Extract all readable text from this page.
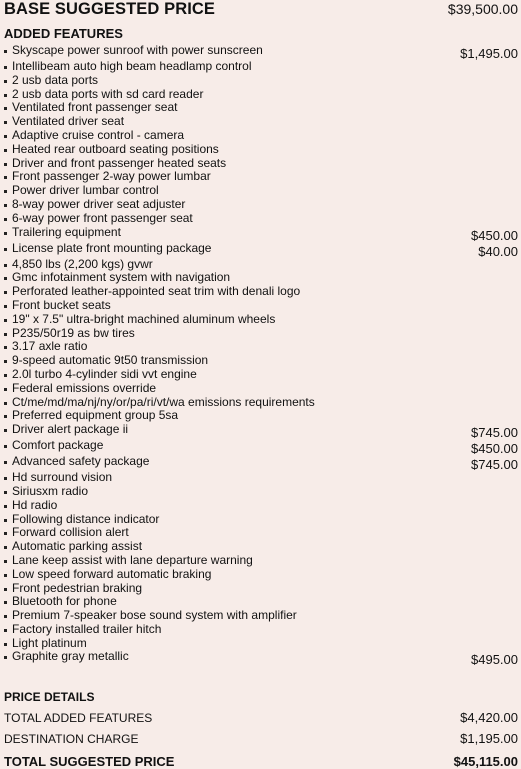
BASE SUGGESTED PRICE	$39,500.00
ADDED FEATURES
Skyscape power sunroof with power sunscreen	$1,495.00
Intellibeam auto high beam headlamp control
2 usb data ports
2 usb data ports with sd card reader
Ventilated front passenger seat
Ventilated driver seat
Adaptive cruise control - camera
Heated rear outboard seating positions
Driver and front passenger heated seats
Front passenger 2-way power lumbar
Power driver lumbar control
8-way power driver seat adjuster
6-way power front passenger seat
Trailering equipment	$450.00
License plate front mounting package	$40.00
4,850 lbs (2,200 kgs) gvwr
Gmc infotainment system with navigation
Perforated leather-appointed seat trim with denali logo
Front bucket seats
19" x 7.5" ultra-bright machined aluminum wheels
P235/50r19 as bw tires
3.17 axle ratio
9-speed automatic 9t50 transmission
2.0l turbo 4-cylinder sidi vvt engine
Federal emissions override
Ct/me/md/ma/nj/ny/or/pa/ri/vt/wa emissions requirements
Preferred equipment group 5sa
Driver alert package ii	$745.00
Comfort package	$450.00
Advanced safety package	$745.00
Hd surround vision
Siriusxm radio
Hd radio
Following distance indicator
Forward collision alert
Automatic parking assist
Lane keep assist with lane departure warning
Low speed forward automatic braking
Front pedestrian braking
Bluetooth for phone
Premium 7-speaker bose sound system with amplifier
Factory installed trailer hitch
Light platinum
Graphite gray metallic	$495.00
PRICE DETAILS
TOTAL ADDED FEATURES	$4,420.00
DESTINATION CHARGE	$1,195.00
TOTAL SUGGESTED PRICE	$45,115.00
